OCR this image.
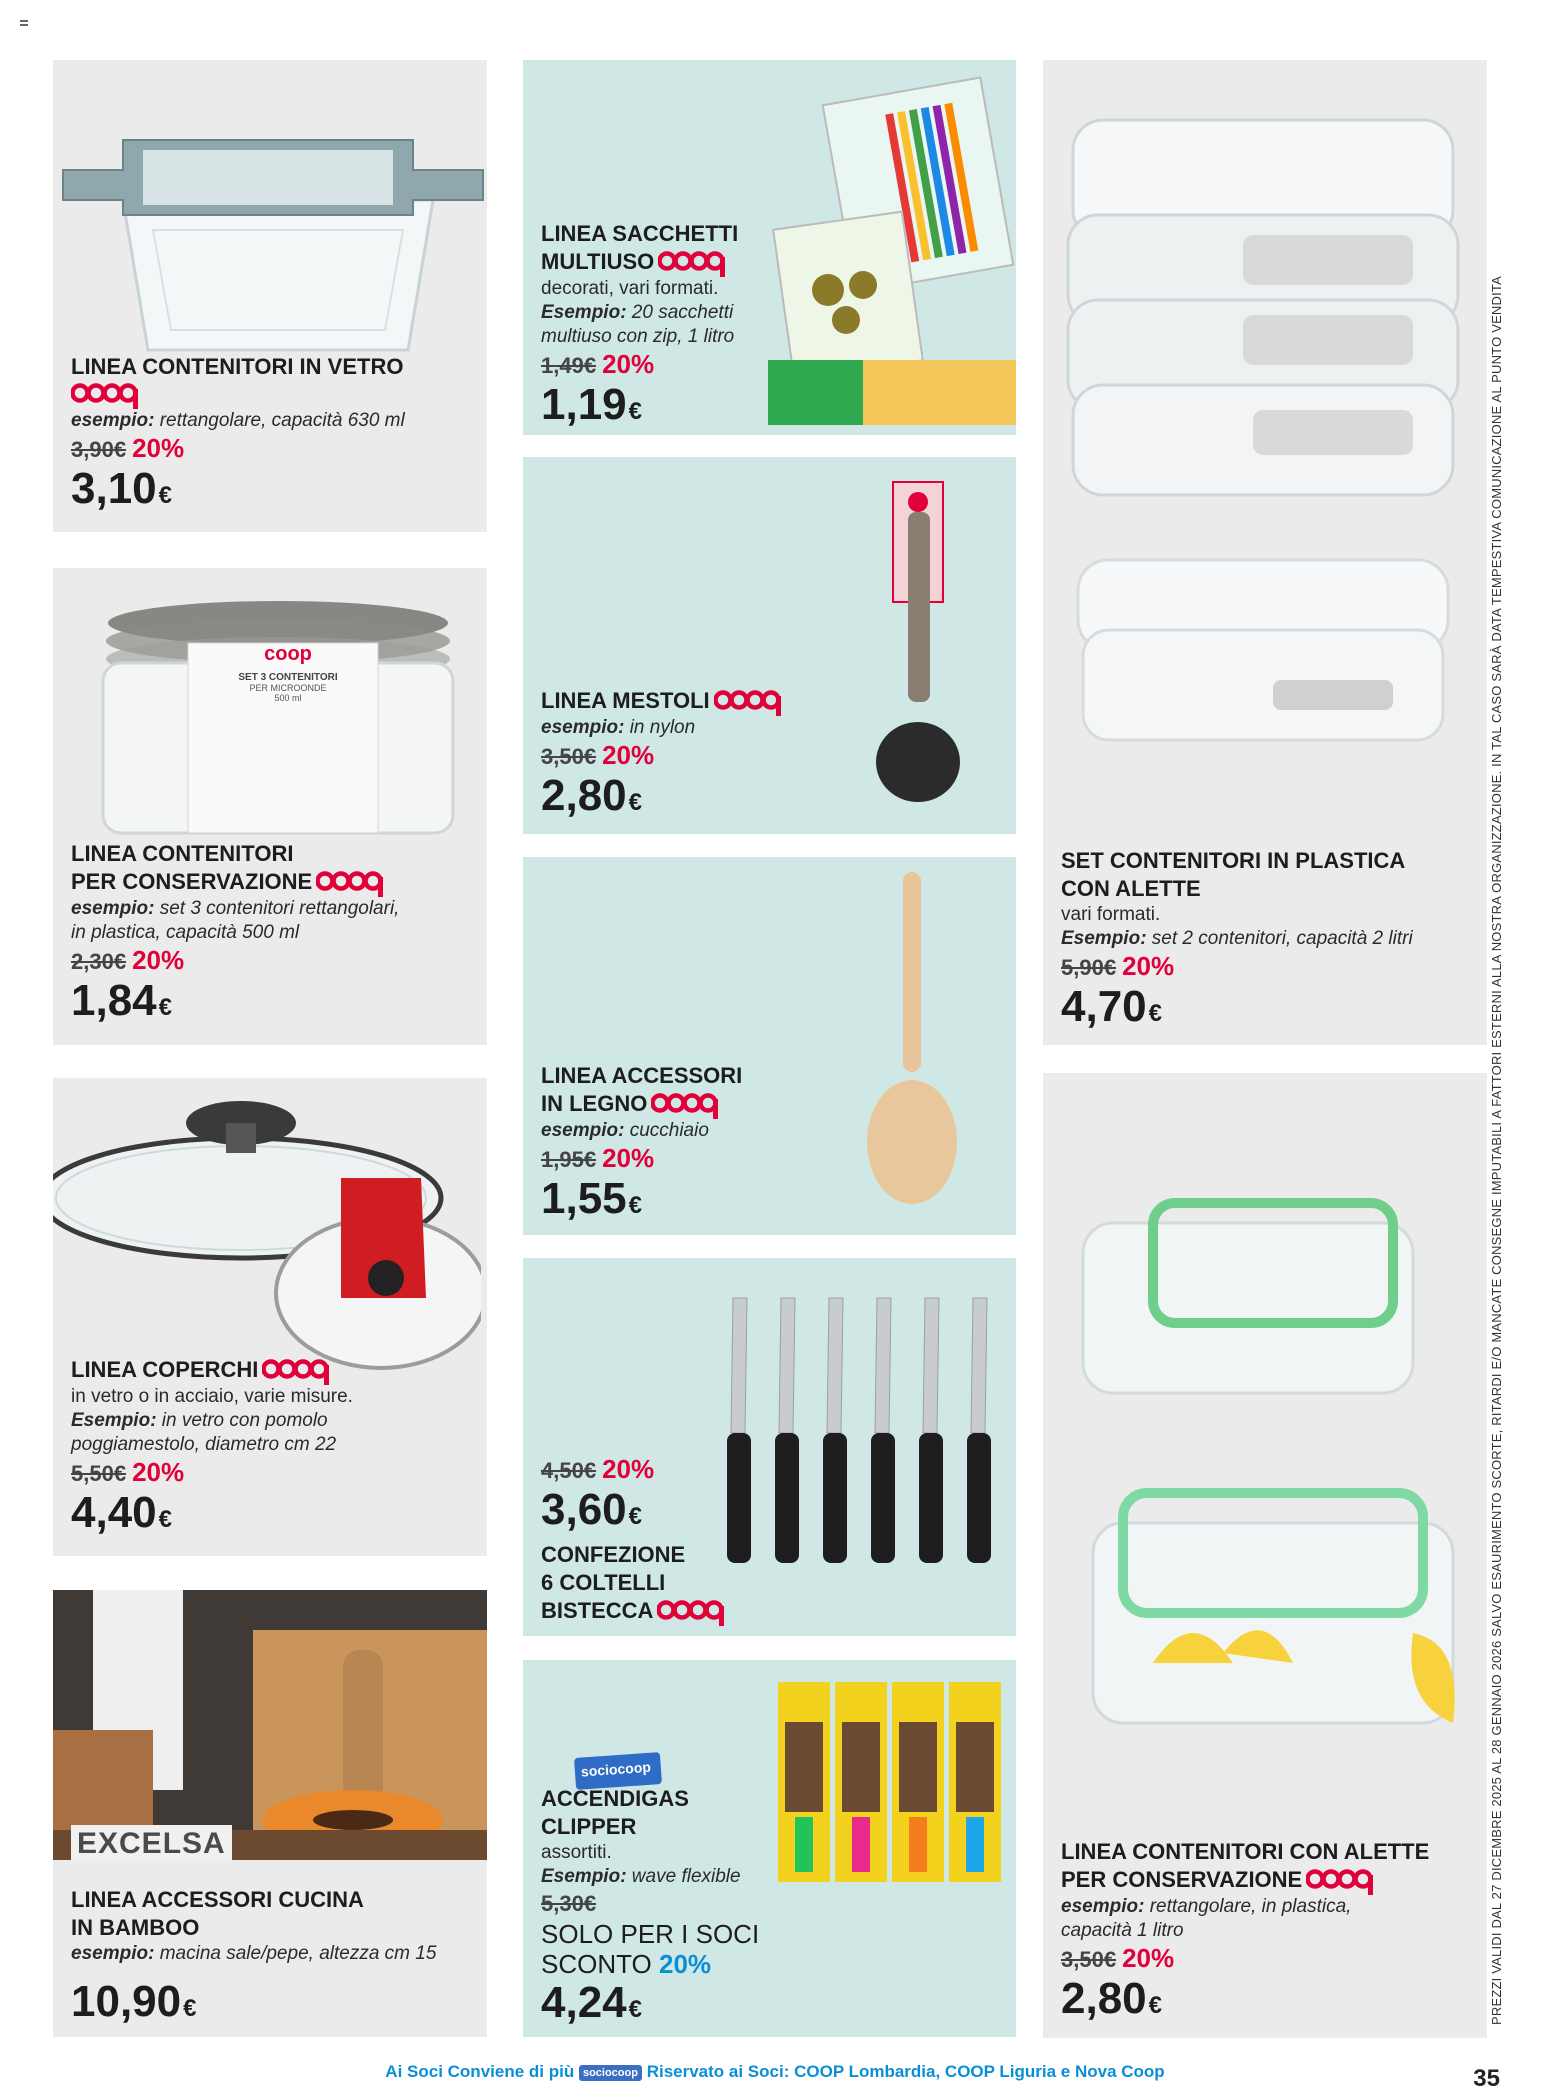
LINEA CONTENITORI IN VETRO
esempio: rettangolare, capacità 630 ml
3,90€ 20%
3,10€
coop
SET 3 CONTENITORI
PER MICROONDE
500 ml
LINEA CONTENITORI
PER CONSERVAZIONE
esempio: set 3 contenitori rettangolari,
in plastica, capacità 500 ml
2,30€ 20%
1,84€
LINEA COPERCHI
in vetro o in acciaio, varie misure.
Esempio: in vetro con pomolo
poggiamestolo, diametro cm 22
5,50€ 20%
4,40€
EXCELSA
LINEA ACCESSORI CUCINA
IN BAMBOO
esempio: macina sale/pepe, altezza cm 15
10,90€
LINEA SACCHETTI
MULTIUSO
decorati, vari formati.
Esempio: 20 sacchetti
multiuso con zip, 1 litro
1,49€ 20%
1,19€
LINEA MESTOLI
esempio: in nylon
3,50€ 20%
2,80€
LINEA ACCESSORI
IN LEGNO
esempio: cucchiaio
1,95€ 20%
1,55€
4,50€ 20%
3,60€
CONFEZIONE
6 COLTELLI
BISTECCA
sociocoop
ACCENDIGAS
CLIPPER
assortiti.
Esempio: wave flexible
5,30€
SOLO PER I SOCI
SCONTO 20%
4,24€
SET CONTENITORI IN PLASTICA
CON ALETTE
vari formati.
Esempio: set 2 contenitori, capacità 2 litri
5,90€ 20%
4,70€
LINEA CONTENITORI CON ALETTE
PER CONSERVAZIONE
esempio: rettangolare, in plastica,
capacità 1 litro
3,50€ 20%
2,80€	PREZZI VALIDI DAL 27 DICEMBRE 2025 AL 28 GENNAIO 2026 SALVO ESAURIMENTO SCORTE, RITARDI E/O MANCATE CONSEGNE IMPUTABILI A FATTORI ESTERNI ALLA NOSTRA ORGANIZZAZIONE. IN TAL CASO SARÀ DATA TEMPESTIVA COMUNICAZIONE AL PUNTO VENDITA
Ai Soci Conviene di più sociocoop Riservato ai Soci: COOP Lombardia, COOP Liguria e Nova Coop	35
